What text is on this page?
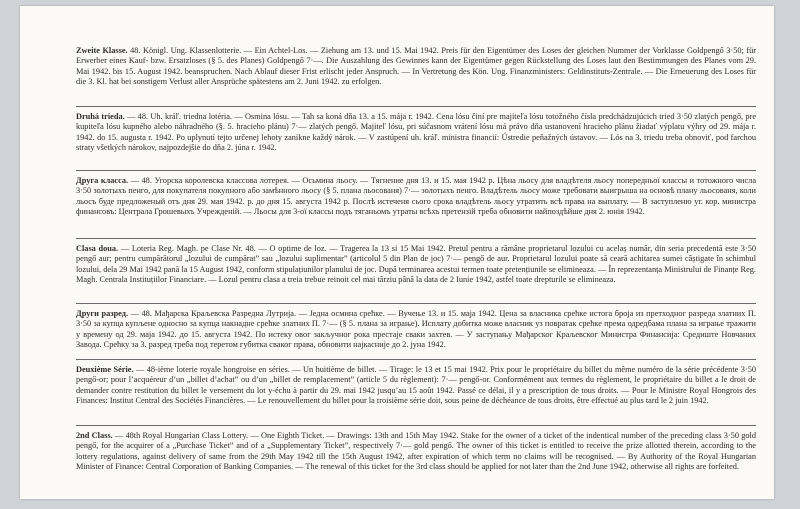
Zweite Klasse. 48. Königl. Ung. Klassenlotterie. — Ein Achtel-Los. — Ziehung am 13. und 15. Mai 1942. Preis für den Eigentümer des Loses der gleichen Nummer der Vorklasse Goldpengő 3·50; für Erwerber eines Kauf- bzw. Ersatzloses (§ 5. des Planes) Goldpengő 7·—. Die Auszahlung des Gewinnes kann der Eigentümer gegen Rückstellung des Loses laut den Bestimmungen des Planes vom 29. Mai 1942. bis 15. August 1942. beanspruchen. Nach Ablauf dieser Frist erlischt jeder Anspruch. — In Vertretung des Kön. Ung. Finanzministers: Geldinstituts-Zentrale. — Die Erneuerung des Loses für die 3. Kl. hat bei sonstigem Verlust aller Ansprüche spätestens am 2. Juni 1942. zu erfolgen.
Druhá trieda. — 48. Uh. kráľ. triedna lotéria. — Osmina lósu. — Tah sa koná dňa 13. a 15. mája r. 1942. Cena lósu činí pre majiteľa lósu totožného čísla predchádzujúcich tried 3·50 zlatých pengő, pre kupiteľa lósu kupného alebo náhradného (§. 5. hracieho plánu) 7·— zlatých pengő. Majiteľ lósu, pri súčasnom vrátení lósu má právo dňa ustanovení hracieho plánu žiadať výplatu výhry od 29. mája r. 1942. do 15. augusta r. 1942. Po uplynutí tejto určenej lehoty zanikne každý nárok. — V zastúpení uh. kráľ. ministra financií: Ústredie peňažných ústavov. — Lós na 3. triedu treba obnoviť, pod farchou straty všetkých nárokov, najpozdejšie do dňa 2. júna r. 1942.
Друга класса. — 48. Угорска королевска класcова лотерея. — Осьмина льосу. — Тягнение дня 13. и 15. мая 1942 р. Цѣна льосу для владѣтеля льосу попередньої классы и тотожного числа 3·50 золотыхъ пенго, для покупателя покупного або замѣнного льосу (§ 5. плана льосованя) 7·— золотыхъ пенго. Владѣтель льосу може требовати выигрыша на основѣ плану льосованя, коли льосъ буде предложеный отъ дня 29. мая 1942. р. до дня 15. августа 1942 р. Послѣ истеченя сього срока владѣтель льосу утратить всѣ права на выплату. — В заступленю уг. кор. министра финансовъ: Централа Грошевыхъ Учрежденій. — Льосы для 3-ої классы подъ тяганьомъ утраты всѣхъ претензій треба обновити найпоздѣйше дня 2. юнія 1942.
Clasa doua. — Loteria Reg. Magh. pe Clase Nr. 48. — O optime de loz. — Tragerea la 13 si 15 Mai 1942. Pretul pentru a rămâne proprietarul lozului cu acelaș număr, din seria precedentă este 3·50 pengő aur; pentru cumpărătorul „lozului de cumpărat” sau „lozului suplimentar” (articolul 5 din Plan de joc) 7·— pengő de aur. Proprietarul lozului poate să ceară achitarea sumei câștigate în schimbul lozului, dela 29 Mai 1942 pană la 15 August 1942, conform stipulațiunilor planului de joc. După terminarea acestui termen toate pretențiunile se elimineaza. — În reprezentanța Ministrului de Finanțe Reg. Magh. Centrala Instituțiilor Financiare. — Lozul pentru clasa a treia trebue reinoit cel mai târziu până la data de 2 Iunie 1942, astfel toate drepturile se elimineaza.
Други разред. — 48. Мађарска Краљевска Разредна Лутрија. — Једна осмина срећке. — Вучење 13. и 15. маја 1942. Цена за власника срећке истога броја из претходног разреда златних П. 3·50 за купца купљене односно за купца накнадне срећке златних П. 7·— (§ 5. плана за играње). Исплату добитка може власник уз повратак срећке према одредбама плана за играње тражити у времену од 29. маја 1942. до 15. августа 1942. По истеку овог закључног рока престаје сваки захтев. — У заступању Мађарског Краљевског Министра Финансија: Средиште Новчаних Завода. Срећку за 3. разред треба под теретом губитка сваког права, обновити најкасније до 2. јуна 1942.
Deuxième Série. — 48-ième loterie royale hongroise en séries. — Un huitième de billet. — Tirage: le 13 et 15 mai 1942. Prix pour le propriétaire du billet du même numéro de la série précédente 3·50 pengő-or; pour l’acquéreur d’un „billet d’achat” ou d’un „billet de remplacement” (article 5 du règlement): 7·— pengő-or. Conformément aux termes du règlement, le propriétaire du billet a le droit de demander contre restitution du billet le versement du lot y-échu à partir du 29. mai 1942 jusqu’au 15 août 1942. Passé ce délai, il y a prescription de tous droits. — Pour le Ministre Royal Hongrois des Finances: Institut Central des Sociétés Financières. — Le renouvellement du billet pour la troisième série doit, sous peine de déchéance de tous droits, être effectué au plus tard le 2 juin 1942.
2nd Class. — 48th Royal Hungarian Class Lottery. — One Eighth Ticket. — Drawings: 13th and 15th May 1942. Stake for the owner of a ticket of the indentical number of the preceding class 3·50 gold pengő, for the acquirer of a „Purchase Ticket” and of a „Supplementary Ticket”, respectively 7·— gold pengő. The owner of this ticket is entitled to receive the prize allotted therein, according to the lottery regulations, against delivery of same from the 29th May 1942 till the 15th August 1942, after expiration of which term no claims will be recognised. — By Authority of the Royal Hungarian Minister of Finance: Central Corporation of Banking Companies. — The renewal of this ticket for the 3rd class should be applied for not later than the 2nd June 1942, otherwise all rights are forfeited.
